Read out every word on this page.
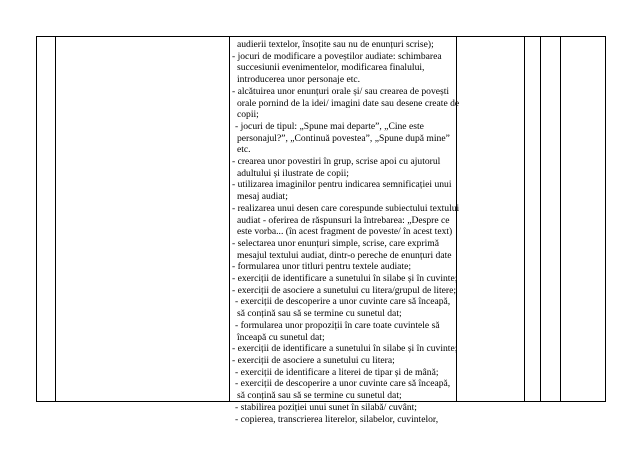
audierii textelor, însoțite sau nu de enunțuri scrise);
- jocuri de modificare a poveștilor audiate: schimbarea
succesiunii evenimentelor, modificarea finalului,
introducerea unor personaje etc.
- alcătuirea unor enunțuri orale și/ sau crearea de povești
orale pornind de la idei/ imagini date sau desene create de
copii;
- jocuri de tipul: „Spune mai departe”, „Cine este
personajul?”, „Continuă povestea”, „Spune după mine”
etc.
- crearea unor povestiri în grup, scrise apoi cu ajutorul
adultului și ilustrate de copii;
- utilizarea imaginilor pentru indicarea semnificației unui
mesaj audiat;
- realizarea unui desen care corespunde subiectului textului
audiat - oferirea de răspunsuri la întrebarea: „Despre ce
este vorba... (în acest fragment de poveste/ în acest text)
- selectarea unor enunțuri simple, scrise, care exprimă
mesajul textului audiat, dintr-o pereche de enunțuri date
- formularea unor titluri pentru textele audiate;
- exerciții de identificare a sunetului în silabe și în cuvinte;
- exerciții de asociere a sunetului cu litera/grupul de litere;
- exerciții de descoperire a unor cuvinte care să înceapă,
să conțină sau să se termine cu sunetul dat;
- formularea unor propoziții în care toate cuvintele să
înceapă cu sunetul dat;
- exerciții de identificare a sunetului în silabe și în cuvinte;
- exerciții de asociere a sunetului cu litera;
- exerciții de identificare a literei de tipar și de mână;
- exerciții de descoperire a unor cuvinte care să înceapă,
să conțină sau să se termine cu sunetul dat;
- stabilirea poziției unui sunet în silabă/ cuvânt;
- copierea, transcrierea literelor, silabelor, cuvintelor,
